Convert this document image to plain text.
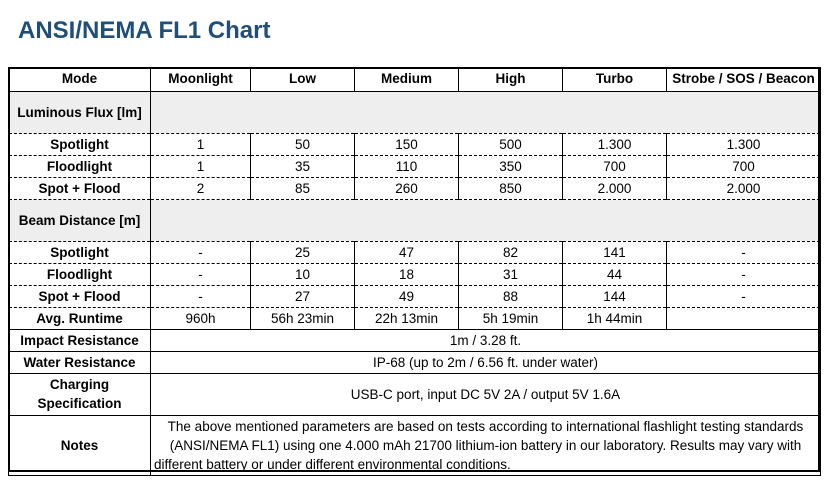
ANSI/NEMA FL1 Chart
Mode	Moonlight	Low	Medium	High	Turbo	Strobe / SOS / Beacon
Luminous Flux [lm]						
Spotlight	1	50	150	500	1.300	1.300
Floodlight	1	35	110	350	700	700
Spot + Flood	2	85	260	850	2.000	2.000
Beam Distance [m]						
Spotlight	-	25	47	82	141	-
Floodlight	-	10	18	31	44	-
Spot + Flood	-	27	49	88	144	-
Avg. Runtime	960h	56h 23min	22h 13min	5h 19min	1h 44min	
Impact Resistance	1m / 3.28 ft.					
Water Resistance	IP-68 (up to 2m / 6.56 ft. under water)					
Charging Specification	USB-C port, input DC 5V 2A / output 5V 1.6A					
Notes	The above mentioned parameters are based on tests according to international flashlight testing standards (ANSI/NEMA FL1) using one 4.000 mAh 21700 lithium-ion battery in our laboratory. Results may vary with different battery or under different environmental conditions.					
